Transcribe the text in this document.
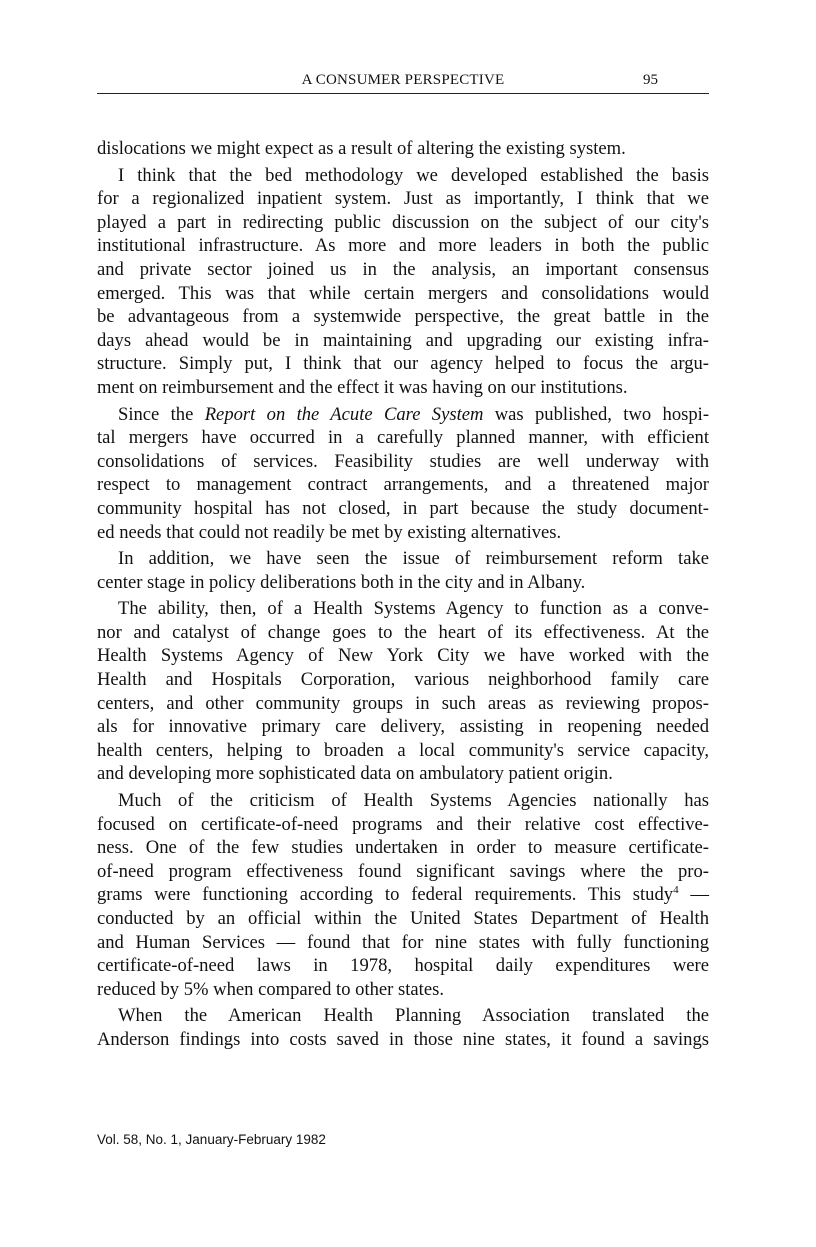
A CONSUMER PERSPECTIVE	95
dislocations we might expect as a result of altering the existing system.
I think that the bed methodology we developed established the basis
for a regionalized inpatient system. Just as importantly, I think that we
played a part in redirecting public discussion on the subject of our city's
institutional infrastructure. As more and more leaders in both the public
and private sector joined us in the analysis, an important consensus
emerged. This was that while certain mergers and consolidations would
be advantageous from a systemwide perspective, the great battle in the
days ahead would be in maintaining and upgrading our existing infra-
structure. Simply put, I think that our agency helped to focus the argu-
ment on reimbursement and the effect it was having on our institutions.
Since the Report on the Acute Care System was published, two hospi-
tal mergers have occurred in a carefully planned manner, with efficient
consolidations of services. Feasibility studies are well underway with
respect to management contract arrangements, and a threatened major
community hospital has not closed, in part because the study document-
ed needs that could not readily be met by existing alternatives.
In addition, we have seen the issue of reimbursement reform take
center stage in policy deliberations both in the city and in Albany.
The ability, then, of a Health Systems Agency to function as a conve-
nor and catalyst of change goes to the heart of its effectiveness. At the
Health Systems Agency of New York City we have worked with the
Health and Hospitals Corporation, various neighborhood family care
centers, and other community groups in such areas as reviewing propos-
als for innovative primary care delivery, assisting in reopening needed
health centers, helping to broaden a local community's service capacity,
and developing more sophisticated data on ambulatory patient origin.
Much of the criticism of Health Systems Agencies nationally has
focused on certificate-of-need programs and their relative cost effective-
ness. One of the few studies undertaken in order to measure certificate-
of-need program effectiveness found significant savings where the pro-
grams were functioning according to federal requirements. This study$^4$ —
conducted by an official within the United States Department of Health
and Human Services — found that for nine states with fully functioning
certificate-of-need laws in 1978, hospital daily expenditures were
reduced by 5% when compared to other states.
When the American Health Planning Association translated the
Anderson findings into costs saved in those nine states, it found a savings
Vol. 58, No. 1, January-February 1982
